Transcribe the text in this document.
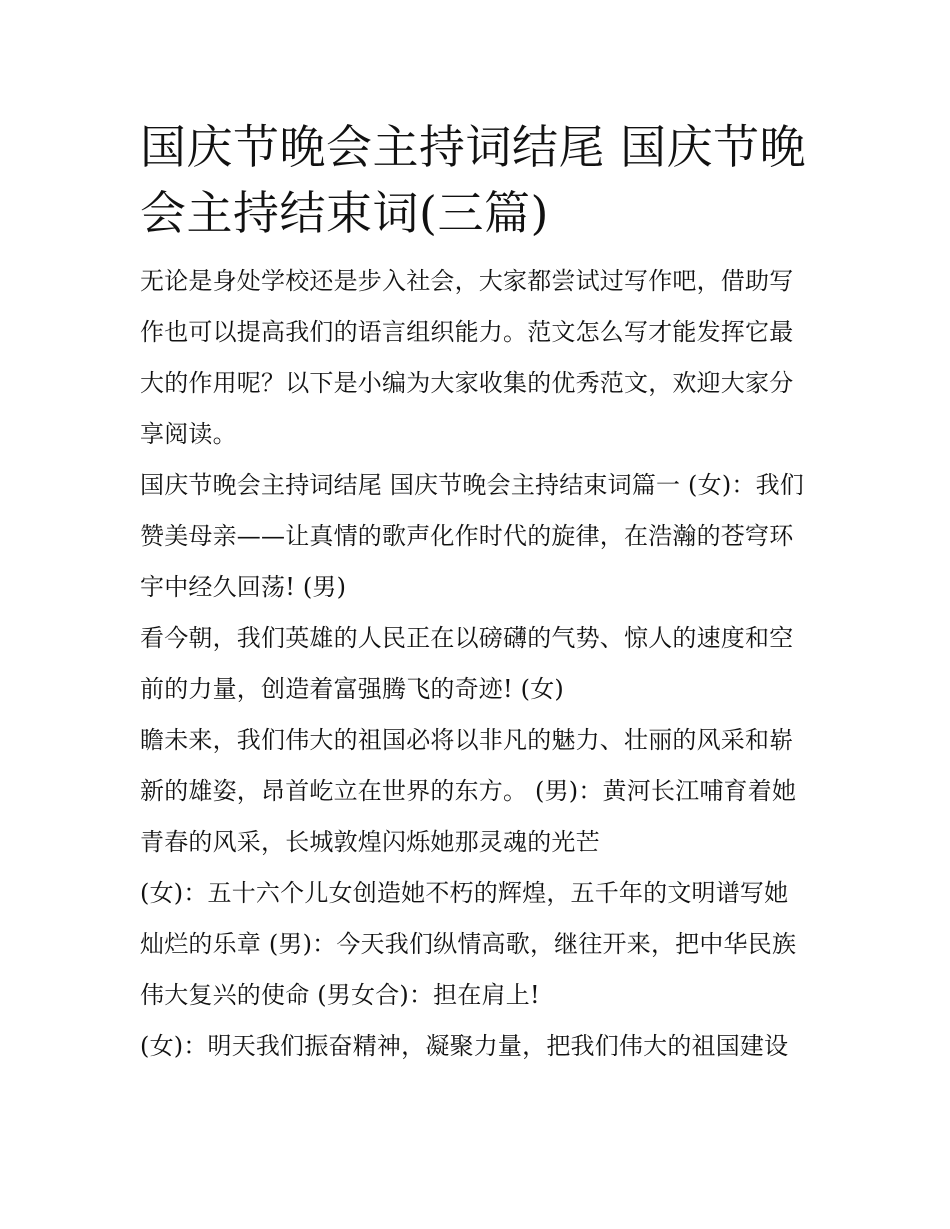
国庆节晚会主持词结尾 国庆节晚会主持结束词(三篇)

无论是身处学校还是步入社会，大家都尝试过写作吧，借助写作也可以提高我们的语言组织能力。范文怎么写才能发挥它最大的作用呢？以下是小编为大家收集的优秀范文，欢迎大家分享阅读。

国庆节晚会主持词结尾 国庆节晚会主持结束词篇一 (女)：我们赞美母亲——让真情的歌声化作时代的旋律，在浩瀚的苍穹环宇中经久回荡! (男)

看今朝，我们英雄的人民正在以磅礴的气势、惊人的速度和空前的力量，创造着富强腾飞的奇迹! (女)

瞻未来，我们伟大的祖国必将以非凡的魅力、壮丽的风采和崭新的雄姿，昂首屹立在世界的东方。 (男)：黄河长江哺育着她青春的风采，长城敦煌闪烁她那灵魂的光芒

(女)：五十六个儿女创造她不朽的辉煌，五千年的文明谱写她灿烂的乐章 (男)：今天我们纵情高歌，继往开来，把中华民族伟大复兴的使命 (男女合)：担在肩上!

(女)：明天我们振奋精神，凝聚力量，把我们伟大的祖国建设
